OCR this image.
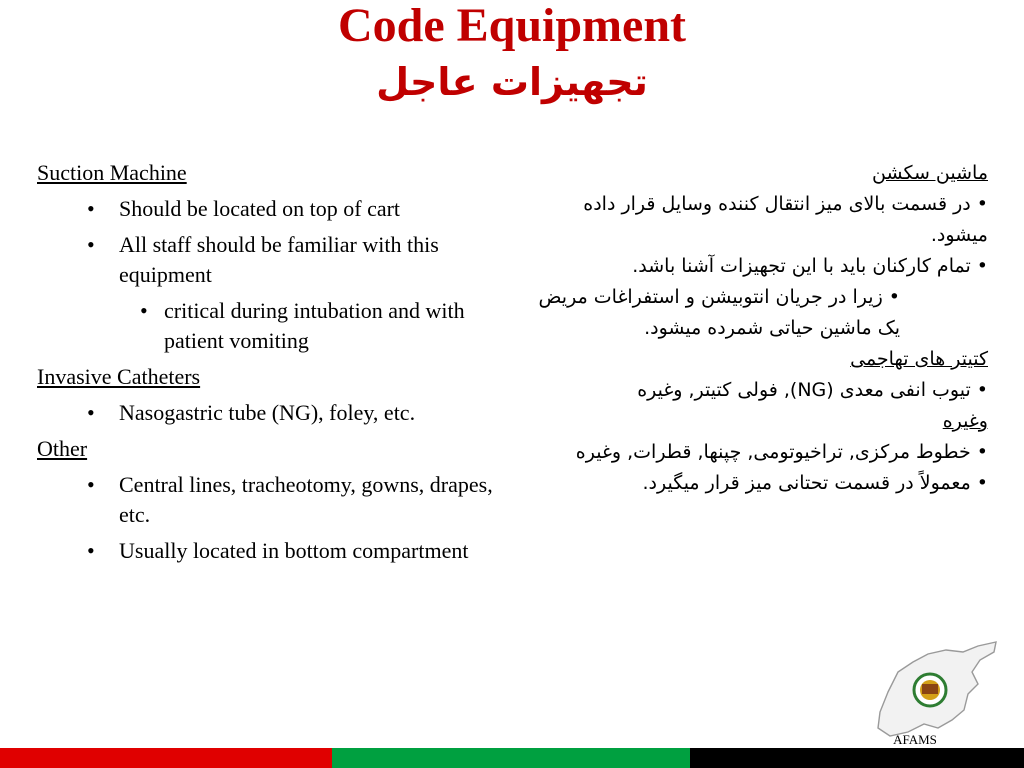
Code Equipment
تجهیزات عاجل

Suction Machine

• Should be located on top of cart

• All staff should be familiar with this equipment

• critical during intubation and with patient vomiting

Invasive Catheters

• Nasogastric tube (NG), foley, etc.

Other

• Central lines, tracheotomy, gowns, drapes, etc.

• Usually located in bottom compartment

ماشین سکشن

• در قسمت بالای میز انتقال کننده وسایل قرار داده میشود.

• تمام کارکنان باید با این تجهیزات آشنا باشد.

• زیرا در جریان انتوبیشن و استفراغات مریض یک ماشین حیاتی شمرده میشود.

کتیتر های تهاجمی

• تیوب انفی معدی (NG), فولی کتیتر, وغیره

وغیره

• خطوط مرکزی, تراخیوتومی, چپنها, قطرات, وغیره

• معمولاً در قسمت تحتانی میز قرار میگیرد.

AFAMS
